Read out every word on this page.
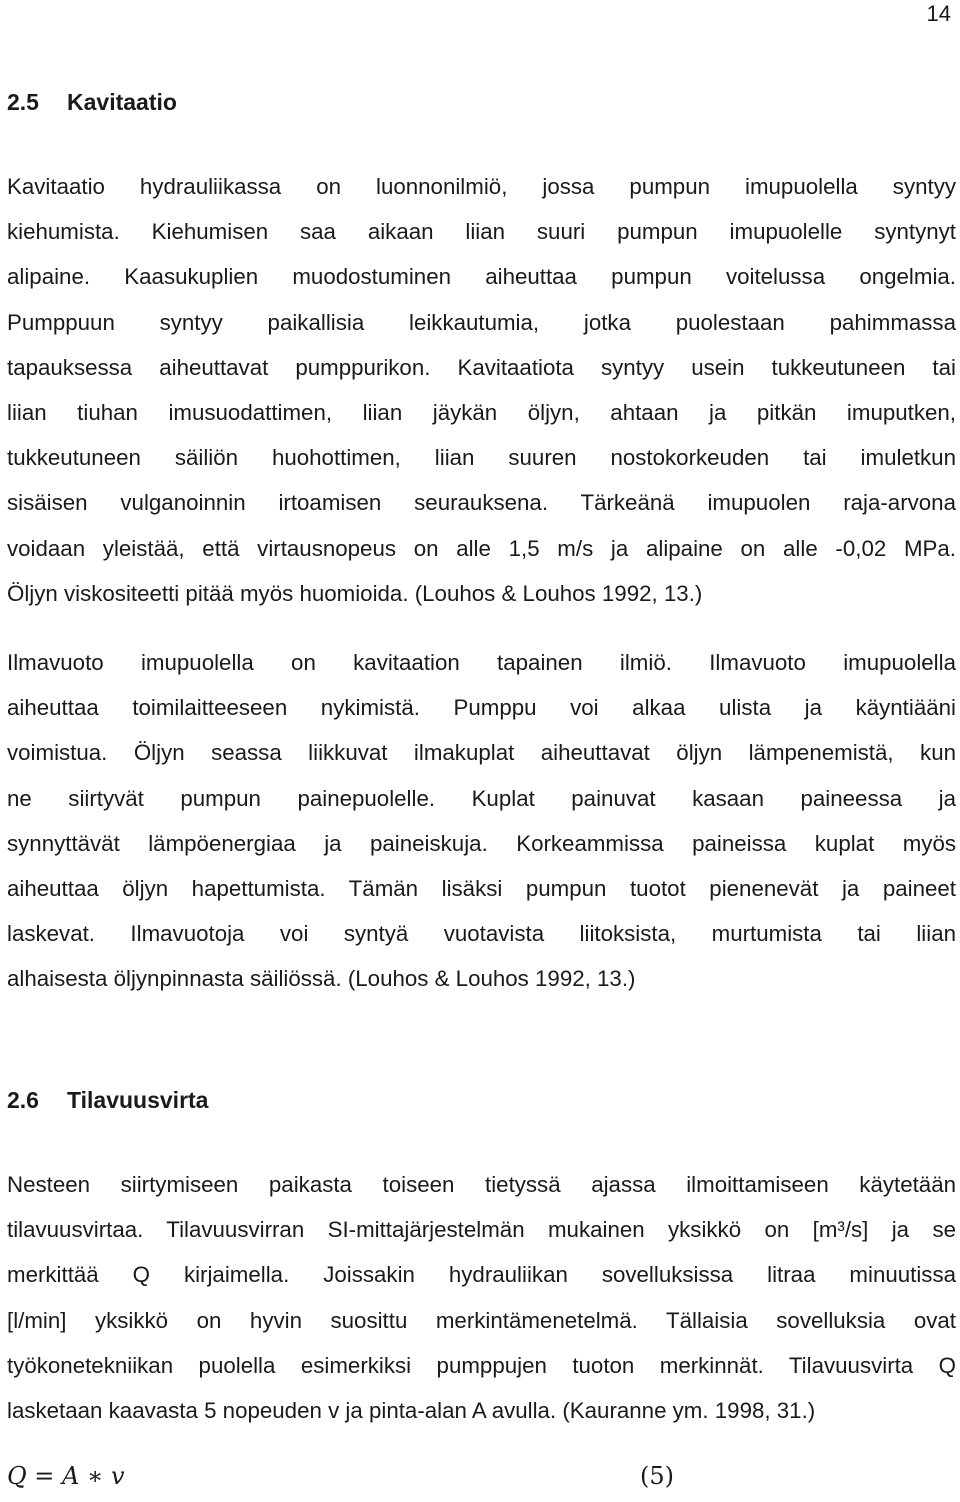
14
2.5 Kavitaatio

Kavitaatio hydrauliikassa on luonnonilmiö, jossa pumpun imupuolella syntyy
kiehumista. Kiehumisen saa aikaan liian suuri pumpun imupuolelle syntynyt
alipaine. Kaasukuplien muodostuminen aiheuttaa pumpun voitelussa ongelmia.
Pumppuun syntyy paikallisia leikkautumia, jotka puolestaan pahimmassa
tapauksessa aiheuttavat pumppurikon. Kavitaatiota syntyy usein tukkeutuneen tai
liian tiuhan imusuodattimen, liian jäykän öljyn, ahtaan ja pitkän imuputken,
tukkeutuneen säiliön huohottimen, liian suuren nostokorkeuden tai imuletkun
sisäisen vulganoinnin irtoamisen seurauksena. Tärkeänä imupuolen raja-arvona
voidaan yleistää, että virtausnopeus on alle 1,5 m/s ja alipaine on alle -0,02 MPa.
Öljyn viskositeetti pitää myös huomioida. (Louhos & Louhos 1992, 13.)

Ilmavuoto imupuolella on kavitaation tapainen ilmiö. Ilmavuoto imupuolella
aiheuttaa toimilaitteeseen nykimistä. Pumppu voi alkaa ulista ja käyntiääni
voimistua. Öljyn seassa liikkuvat ilmakuplat aiheuttavat öljyn lämpenemistä, kun
ne siirtyvät pumpun painepuolelle. Kuplat painuvat kasaan paineessa ja
synnyttävät lämpöenergiaa ja paineiskuja. Korkeammissa paineissa kuplat myös
aiheuttaa öljyn hapettumista. Tämän lisäksi pumpun tuotot pienenevät ja paineet
laskevat. Ilmavuotoja voi syntyä vuotavista liitoksista, murtumista tai liian
alhaisesta öljynpinnasta säiliössä. (Louhos & Louhos 1992, 13.)

2.6 Tilavuusvirta

Nesteen siirtymiseen paikasta toiseen tietyssä ajassa ilmoittamiseen käytetään
tilavuusvirtaa. Tilavuusvirran SI-mittajärjestelmän mukainen yksikkö on [m³/s] ja se
merkittää Q kirjaimella. Joissakin hydrauliikan sovelluksissa litraa minuutissa
[l/min] yksikkö on hyvin suosittu merkintämenetelmä. Tällaisia sovelluksia ovat
työkonetekniikan puolella esimerkiksi pumppujen tuoton merkinnät. Tilavuusvirta Q
lasketaan kaavasta 5 nopeuden v ja pinta-alan A avulla. (Kauranne ym. 1998, 31.)

Q = A ∗ v	(5)
